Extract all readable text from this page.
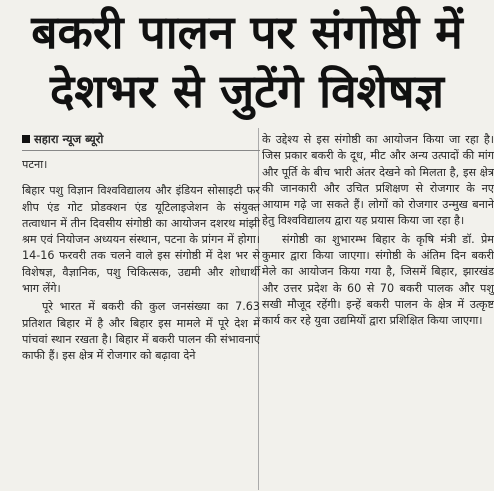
बकरी पालन पर संगोष्ठी में
देशभर से जुटेंगे विशेषज्ञ
सहारा न्यूज ब्यूरो
पटना।

बिहार पशु विज्ञान विश्वविद्यालय और इंडियन सोसाइटी फर शीप एंड गोट प्रोडक्शन एंड यूटिलाइजेशन के संयुक्त तत्वाधान में तीन दिवसीय संगोष्ठी का आयोजन दशरथ मांझी श्रम एवं नियोजन अध्ययन संस्थान, पटना के प्रांगन में होगा। 14-16 फरवरी तक चलने वाले इस संगोष्ठी में देश भर से विशेषज्ञ, वैज्ञानिक, पशु चिकित्सक, उद्यमी और शोधार्थी भाग लेंगे।

पूरे भारत में बकरी की कुल जनसंख्या का 7.63 प्रतिशत बिहार में है और बिहार इस मामले में पूरे देश में पांचवां स्थान रखता है। बिहार में बकरी पालन की संभावनाएं काफी हैं। इस क्षेत्र में रोजगार को बढ़ावा देने

के उद्देश्य से इस संगोष्ठी का आयोजन किया जा रहा है। जिस प्रकार बकरी के दूध, मीट और अन्य उत्पादों की मांग और पूर्ति के बीच भारी अंतर देखने को मिलता है, इस क्षेत्र की जानकारी और उचित प्रशिक्षण से रोजगार के नए आयाम गढ़े जा सकते हैं। लोगों को रोजगार उन्मुख बनाने हेतु विश्वविद्यालय द्वारा यह प्रयास किया जा रहा है।

संगोष्ठी का शुभारम्भ बिहार के कृषि मंत्री डॉ. प्रेम कुमार द्वारा किया जाएगा। संगोष्ठी के अंतिम दिन बकरी मेले का आयोजन किया गया है, जिसमें बिहार, झारखंड और उत्तर प्रदेश के 60 से 70 बकरी पालक और पशु सखी मौजूद रहेंगी। इन्हें बकरी पालन के क्षेत्र में उत्कृष्ट कार्य कर रहे युवा उद्यमियों द्वारा प्रशिक्षित किया जाएगा।
